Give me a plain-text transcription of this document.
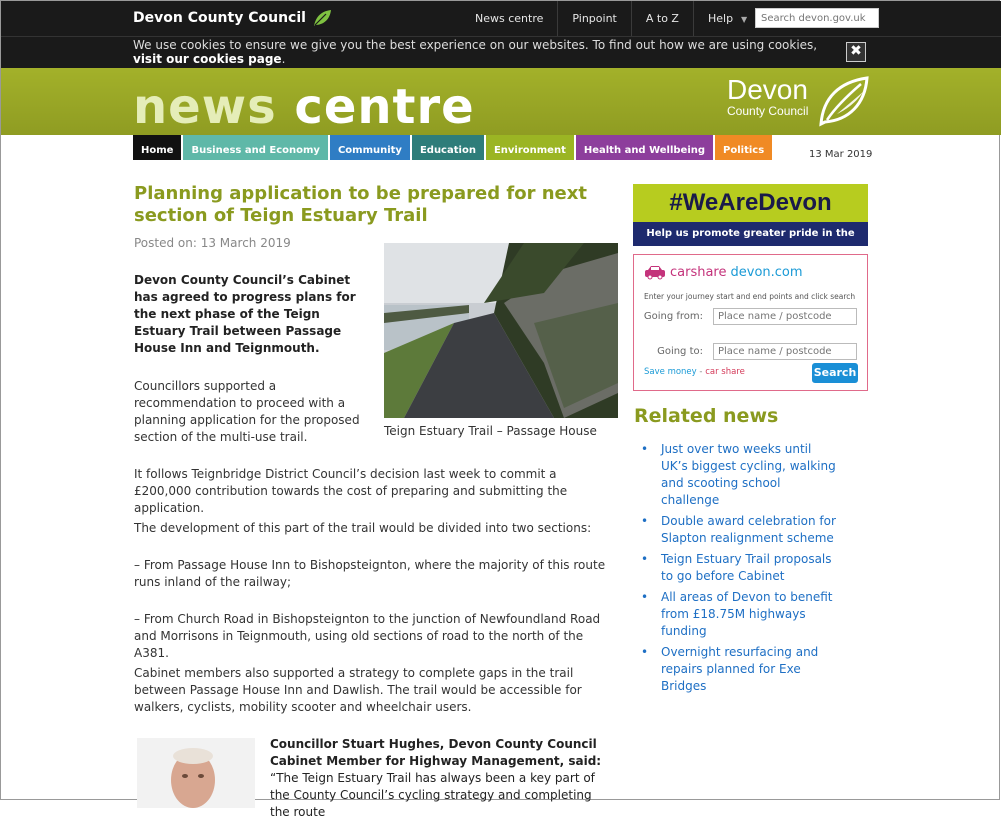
Devon County Council	News centre	Pinpoint	A to Z	Help ▼
Search devon.gov.uk
We use cookies to ensure we give you the best experience on our websites. To find out how we are using cookies, visit our cookies page.	✖
news centre	Devon
County Council
Home	Business and Economy	Community	Education	Environment	Health and Wellbeing	Politics	13 Mar 2019
Planning application to be prepared for next section of Teign Estuary Trail
Posted on: 13 March 2019
Teign Estuary Trail – Passage House

Devon County Council’s Cabinet has agreed to progress plans for the next phase of the Teign Estuary Trail between Passage House Inn and Teignmouth.

Councillors supported a recommendation to proceed with a planning application for the proposed section of the multi-use trail.

It follows Teignbridge District Council’s decision last week to commit a £200,000 contribution towards the cost of preparing and submitting the application.

The development of this part of the trail would be divided into two sections:

– From Passage House Inn to Bishopsteignton, where the majority of this route runs inland of the railway;

– From Church Road in Bishopsteignton to the junction of Newfoundland Road and Morrisons in Teignmouth, using old sections of road to the north of the A381.

Cabinet members also supported a strategy to complete gaps in the trail between Passage House Inn and Dawlish. The trail would be accessible for walkers, cyclists, mobility scooter and wheelchair users.

Councillor Stuart Hughes, Devon County Council Cabinet Member for Highway Management, said: “The Teign Estuary Trail has always been a key part of the County Council’s cycling strategy and completing the route
#WeAreDevon
Help us promote greater pride in the
carshare devon.com
Enter your journey start and end points and click search
Save money - car share	Search
Going from:
Place name / postcode
Going to:
Place name / postcode
Related news
• Just over two weeks until UK’s biggest cycling, walking and scooting school challenge
• Double award celebration for Slapton realignment scheme
• Teign Estuary Trail proposals to go before Cabinet
• All areas of Devon to benefit from £18.75M highways funding
• Overnight resurfacing and repairs planned for Exe Bridges
